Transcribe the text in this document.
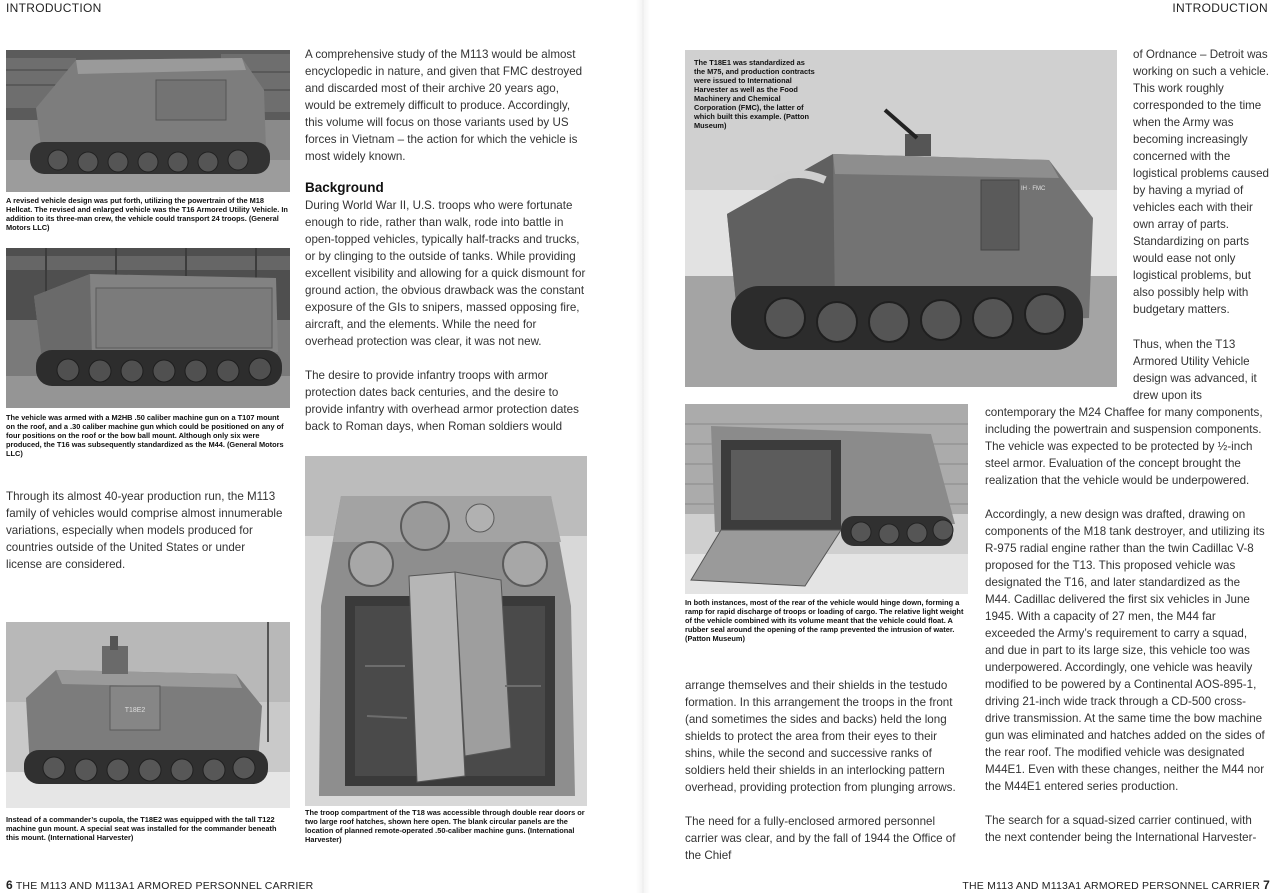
INTRODUCTION	INTRODUCTION
A revised vehicle design was put forth, utilizing the powertrain of the M18 Hellcat. The revised and enlarged vehicle was the T16 Armored Utility Vehicle. In addition to its three-man crew, the vehicle could transport 24 troops. (General Motors LLC)
The vehicle was armed with a M2HB .50 caliber machine gun on a T107 mount on the roof, and a .30 caliber machine gun which could be positioned on any of four positions on the roof or the bow ball mount. Although only six were produced, the T16 was subsequently standardized as the M44. (General Motors LLC)

Through its almost 40-year production run, the M113 family of vehicles would comprise almost innumerable variations, especially when models produced for countries outside of the United States or under license are considered.

T18E2
Instead of a commander’s cupola, the T18E2 was equipped with the tall T122 machine gun mount. A special seat was installed for the commander beneath this mount. (International Harvester)

A comprehensive study of the M113 would be almost encyclopedic in nature, and given that FMC destroyed and discarded most of their archive 20 years ago, would be extremely difficult to produce. Accordingly, this volume will focus on those variants used by US forces in Vietnam – the action for which the vehicle is most widely known.

Background

During World War II, U.S. troops who were fortunate enough to ride, rather than walk, rode into battle in open-topped vehicles, typically half-tracks and trucks, or by clinging to the outside of tanks. While providing excellent visibility and allowing for a quick dismount for ground action, the obvious drawback was the constant exposure of the GIs to snipers, massed opposing fire, aircraft, and the elements. While the need for overhead protection was clear, it was not new.

The desire to provide infantry troops with armor protection dates back centuries, and the desire to provide infantry with overhead armor protection dates back to Roman days, when Roman soldiers would

The troop compartment of the T18 was accessible through double rear doors or two large roof hatches, shown here open. The blank circular panels are the location of planned remote-operated .50-caliber machine guns. (International Harvester)
IH · FMC
The T18E1 was standardized as the M75, and production contracts were issued to International Harvester as well as the Food Machinery and Chemical Corporation (FMC), the latter of which built this example. (Patton Museum)

of Ordnance – Detroit was working on such a vehicle. This work roughly corresponded to the time when the Army was becoming increasingly concerned with the logistical problems caused by having a myriad of vehicles each with their own array of parts. Standardizing on parts would ease not only logistical problems, but also possibly help with budgetary matters.

In both instances, most of the rear of the vehicle would hinge down, forming a ramp for rapid discharge of troops or loading of cargo. The relative light weight of the vehicle combined with its volume meant that the vehicle could float. A rubber seal around the opening of the ramp prevented the intrusion of water. (Patton Museum)

arrange themselves and their shields in the testudo formation. In this arrangement the troops in the front (and sometimes the sides and backs) held the long shields to protect the area from their eyes to their shins, while the second and successive ranks of soldiers held their shields in an interlocking pattern overhead, providing protection from plunging arrows.

The need for a fully-enclosed armored personnel carrier was clear, and by the fall of 1944 the Office of the Chief

Thus, when the T13 Armored Utility Vehicle design was advanced, it drew upon its

contemporary the M24 Chaffee for many components, including the powertrain and suspension components. The vehicle was expected to be protected by ½-inch steel armor. Evaluation of the concept brought the realization that the vehicle would be underpowered.

Accordingly, a new design was drafted, drawing on components of the M18 tank destroyer, and utilizing its R-975 radial engine rather than the twin Cadillac V-8 proposed for the T13. This proposed vehicle was designated the T16, and later standardized as the M44. Cadillac delivered the first six vehicles in June 1945. With a capacity of 27 men, the M44 far exceeded the Army’s requirement to carry a squad, and due in part to its large size, this vehicle too was underpowered. Accordingly, one vehicle was heavily modified to be powered by a Continental AOS-895-1, driving 21-inch wide track through a CD-500 cross-drive transmission. At the same time the bow machine gun was eliminated and hatches added on the sides of the rear roof. The modified vehicle was designated M44E1. Even with these changes, neither the M44 nor the M44E1 entered series production.

The search for a squad-sized carrier continued, with the next contender being the International Harvester-

6 THE M113 AND M113A1 ARMORED PERSONNEL CARRIER	THE M113 AND M113A1 ARMORED PERSONNEL CARRIER 7
